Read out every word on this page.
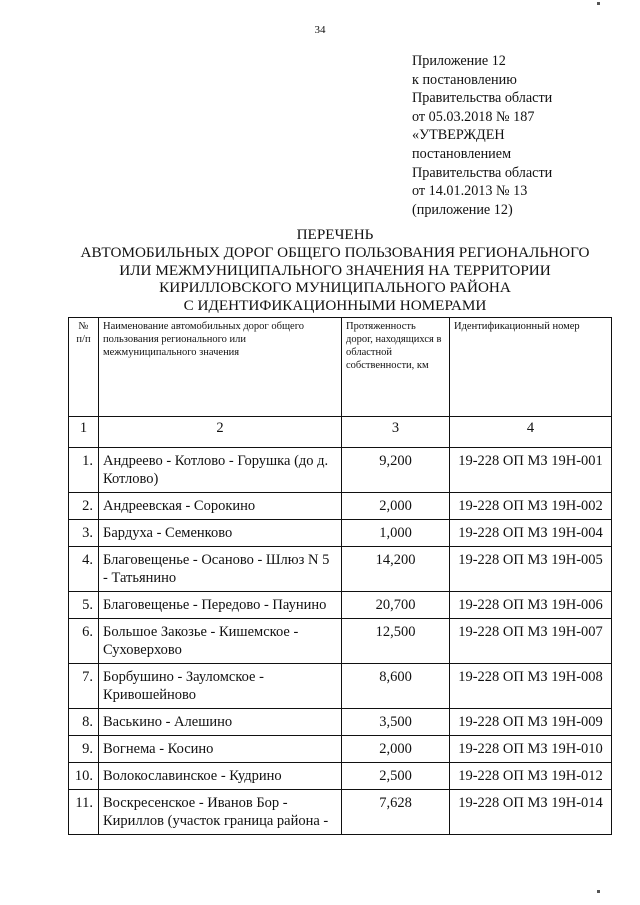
34
Приложение 12
к постановлению
Правительства области
от 05.03.2018 № 187
«УТВЕРЖДЕН
постановлением
Правительства области
от 14.01.2013 № 13
(приложение 12)
ПЕРЕЧЕНЬ
АВТОМОБИЛЬНЫХ ДОРОГ ОБЩЕГО ПОЛЬЗОВАНИЯ РЕГИОНАЛЬНОГО
ИЛИ МЕЖМУНИЦИПАЛЬНОГО ЗНАЧЕНИЯ НА ТЕРРИТОРИИ
КИРИЛЛОВСКОГО МУНИЦИПАЛЬНОГО РАЙОНА
С ИДЕНТИФИКАЦИОННЫМИ НОМЕРАМИ
№ п/п	Наименование автомобильных дорог общего пользования регионального или межмуниципального значения	Протяженность дорог, находящихся в областной собственности, км	Идентификационный номер
1	2	3	4
1.	Андреево - Котлово - Горушка (до д. Котлово)	9,200	19-228 ОП МЗ 19Н-001
2.	Андреевская - Сорокино	2,000	19-228 ОП МЗ 19Н-002
3.	Бардуха - Семенково	1,000	19-228 ОП МЗ 19Н-004
4.	Благовещенье - Осаново - Шлюз N 5 - Татьянино	14,200	19-228 ОП МЗ 19Н-005
5.	Благовещенье - Передово - Паунино	20,700	19-228 ОП МЗ 19Н-006
6.	Большое Закозье - Кишемское - Суховерхово	12,500	19-228 ОП МЗ 19Н-007
7.	Борбушино - Зауломское - Кривошейново	8,600	19-228 ОП МЗ 19Н-008
8.	Васькино - Алешино	3,500	19-228 ОП МЗ 19Н-009
9.	Вогнема - Косино	2,000	19-228 ОП МЗ 19Н-010
10.	Волокославинское - Кудрино	2,500	19-228 ОП МЗ 19Н-012
11.	Воскресенское - Иванов Бор - Кириллов (участок граница района -	7,628	19-228 ОП МЗ 19Н-014
